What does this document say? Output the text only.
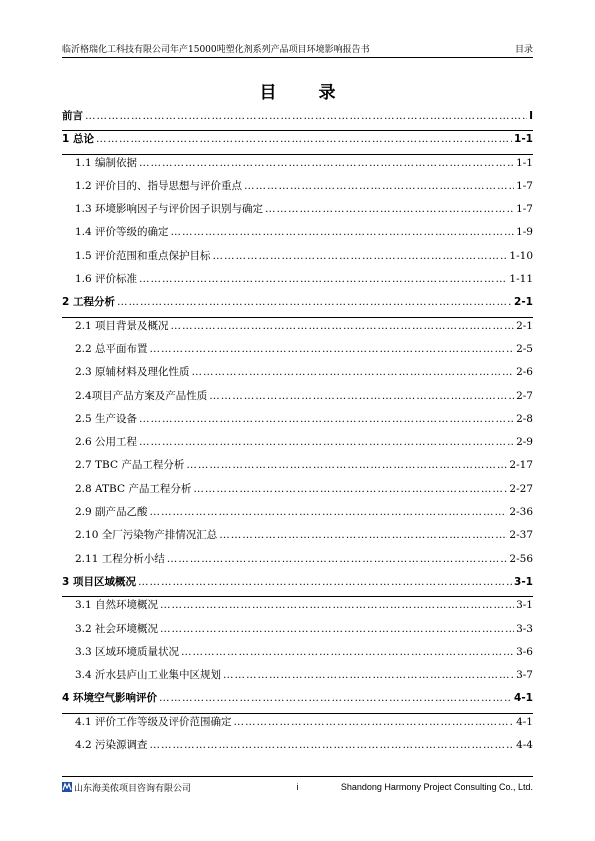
临沂格瑞化工科技有限公司年产15000吨塑化剂系列产品项目环境影响报告书	目录
目 录
前言 …………………………………………………………………………………………………………………………………………………………………………	I
1 总论 …………………………………………………………………………………………………………………………………………………………………………	1-1
1.1 编制依据 …………………………………………………………………………………………………………………………………………………………………………	1-1
1.2 评价目的、指导思想与评价重点 …………………………………………………………………………………………………………………………………………………………………………	1-7
1.3 环境影响因子与评价因子识别与确定 …………………………………………………………………………………………………………………………………………………………………………	1-7
1.4 评价等级的确定 …………………………………………………………………………………………………………………………………………………………………………	1-9
1.5 评价范围和重点保护目标 …………………………………………………………………………………………………………………………………………………………………………	1-10
1.6 评价标准 …………………………………………………………………………………………………………………………………………………………………………	1-11
2 工程分析 …………………………………………………………………………………………………………………………………………………………………………	2-1
2.1 项目背景及概况 …………………………………………………………………………………………………………………………………………………………………………	2-1
2.2 总平面布置 …………………………………………………………………………………………………………………………………………………………………………	2-5
2.3 原辅材料及理化性质 …………………………………………………………………………………………………………………………………………………………………………	2-6
2.4项目产品方案及产品性质 …………………………………………………………………………………………………………………………………………………………………………	2-7
2.5 生产设备 …………………………………………………………………………………………………………………………………………………………………………	2-8
2.6 公用工程 …………………………………………………………………………………………………………………………………………………………………………	2-9
2.7 TBC 产品工程分析 …………………………………………………………………………………………………………………………………………………………………………	2-17
2.8 ATBC 产品工程分析 …………………………………………………………………………………………………………………………………………………………………………	2-27
2.9 副产品乙酸 …………………………………………………………………………………………………………………………………………………………………………	2-36
2.10 全厂污染物产排情况汇总 …………………………………………………………………………………………………………………………………………………………………………	2-37
2.11 工程分析小结 …………………………………………………………………………………………………………………………………………………………………………	2-56
3 项目区域概况 …………………………………………………………………………………………………………………………………………………………………………	3-1
3.1 自然环境概况 …………………………………………………………………………………………………………………………………………………………………………	3-1
3.2 社会环境概况 …………………………………………………………………………………………………………………………………………………………………………	3-3
3.3 区域环境质量状况 …………………………………………………………………………………………………………………………………………………………………………	3-6
3.4 沂水县庐山工业集中区规划 …………………………………………………………………………………………………………………………………………………………………………	3-7
4 环境空气影响评价 …………………………………………………………………………………………………………………………………………………………………………	4-1
4.1 评价工作等级及评价范围确定 …………………………………………………………………………………………………………………………………………………………………………	4-1
4.2 污染源调查 …………………………………………………………………………………………………………………………………………………………………………	4-4
山东海美侬项目咨询有限公司	i	Shandong Harmony Project Consulting Co., Ltd.
